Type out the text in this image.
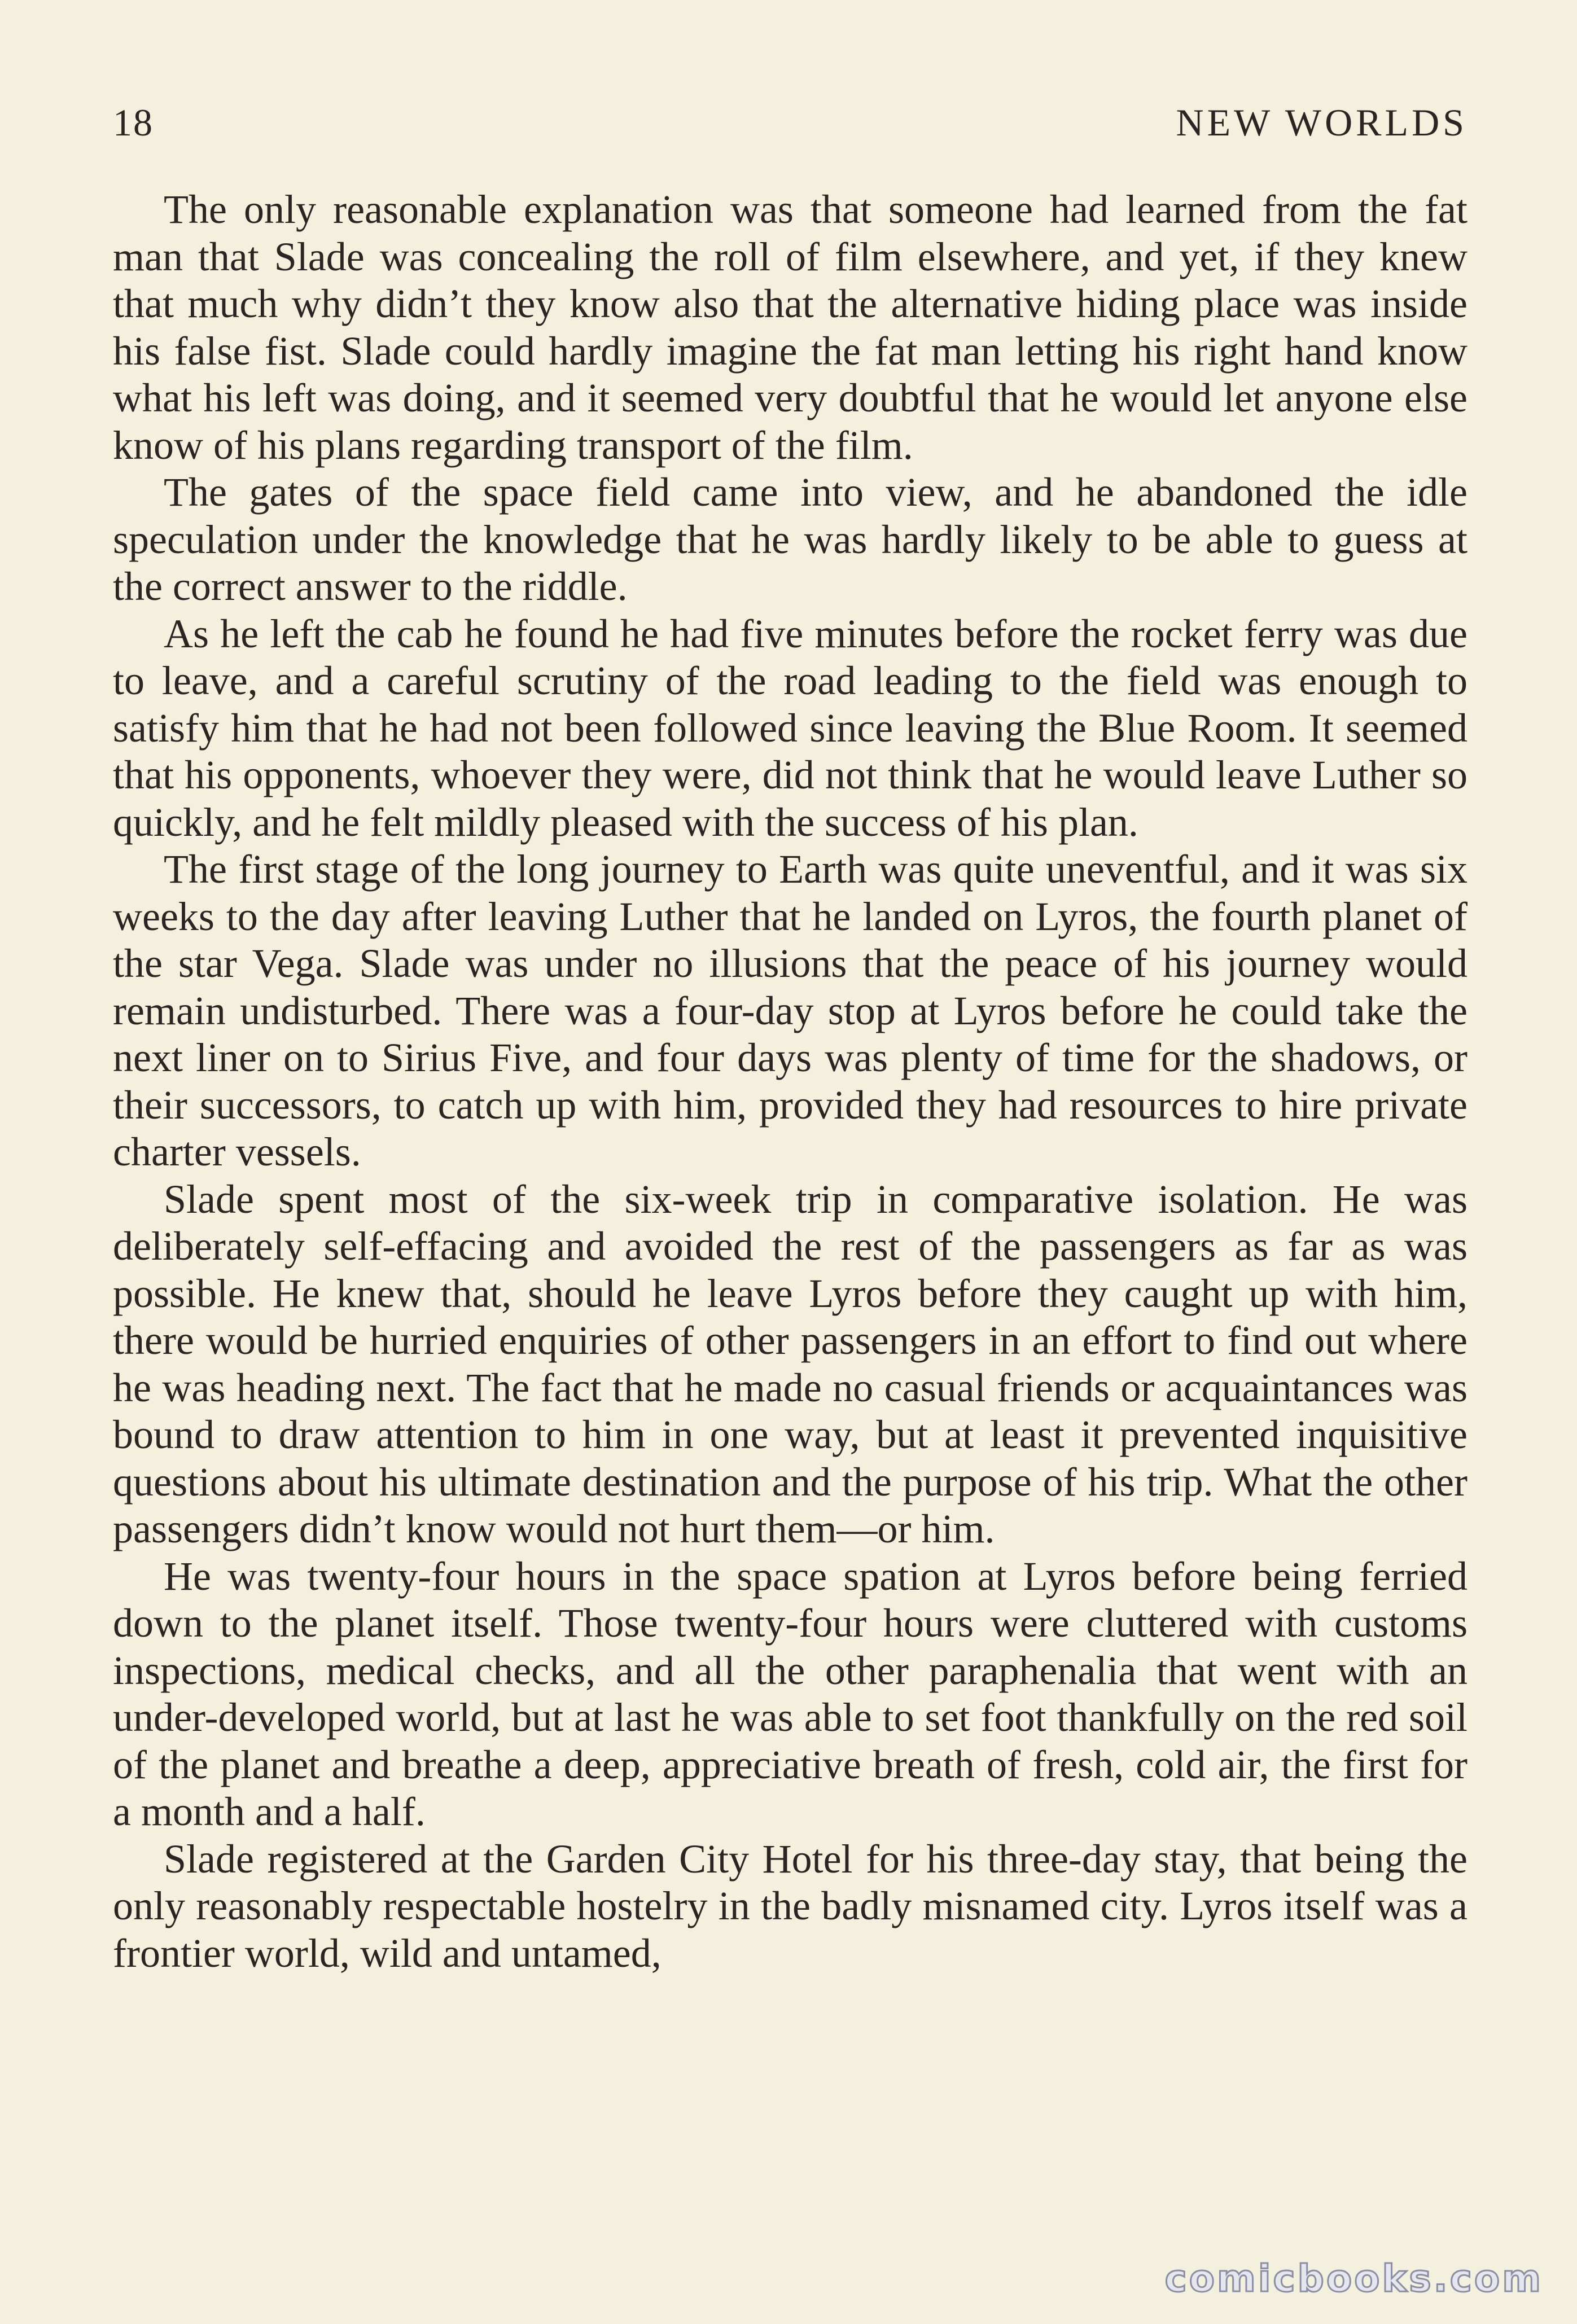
18	NEW WORLDS

The only reasonable explanation was that someone had learned from the fat man that Slade was concealing the roll of film elsewhere, and yet, if they knew that much why didn’t they know also that the alternative hiding place was inside his false fist. Slade could hardly imagine the fat man letting his right hand know what his left was doing, and it seemed very doubtful that he would let anyone else know of his plans regarding transport of the film.

The gates of the space field came into view, and he abandoned the idle speculation under the knowledge that he was hardly likely to be able to guess at the correct answer to the riddle.

As he left the cab he found he had five minutes before the rocket ferry was due to leave, and a careful scrutiny of the road leading to the field was enough to satisfy him that he had not been followed since leaving the Blue Room. It seemed that his opponents, whoever they were, did not think that he would leave Luther so quickly, and he felt mildly pleased with the success of his plan.

The first stage of the long journey to Earth was quite uneventful, and it was six weeks to the day after leaving Luther that he landed on Lyros, the fourth planet of the star Vega. Slade was under no illusions that the peace of his journey would remain undisturbed. There was a four-day stop at Lyros before he could take the next liner on to Sirius Five, and four days was plenty of time for the shadows, or their successors, to catch up with him, provided they had resources to hire private charter vessels.

Slade spent most of the six-week trip in comparative isolation. He was deliberately self-effacing and avoided the rest of the passengers as far as was possible. He knew that, should he leave Lyros before they caught up with him, there would be hurried enquiries of other passengers in an effort to find out where he was heading next. The fact that he made no casual friends or acquaintances was bound to draw attention to him in one way, but at least it prevented inquisitive questions about his ultimate destination and the purpose of his trip. What the other passengers didn’t know would not hurt them—or him.

He was twenty-four hours in the space spation at Lyros before being ferried down to the planet itself. Those twenty-four hours were cluttered with customs inspections, medical checks, and all the other paraphenalia that went with an under-developed world, but at last he was able to set foot thankfully on the red soil of the planet and breathe a deep, appreciative breath of fresh, cold air, the first for a month and a half.

Slade registered at the Garden City Hotel for his three-day stay, that being the only reasonably respectable hostelry in the badly misnamed city. Lyros itself was a frontier world, wild and untamed,

comicbooks.com
